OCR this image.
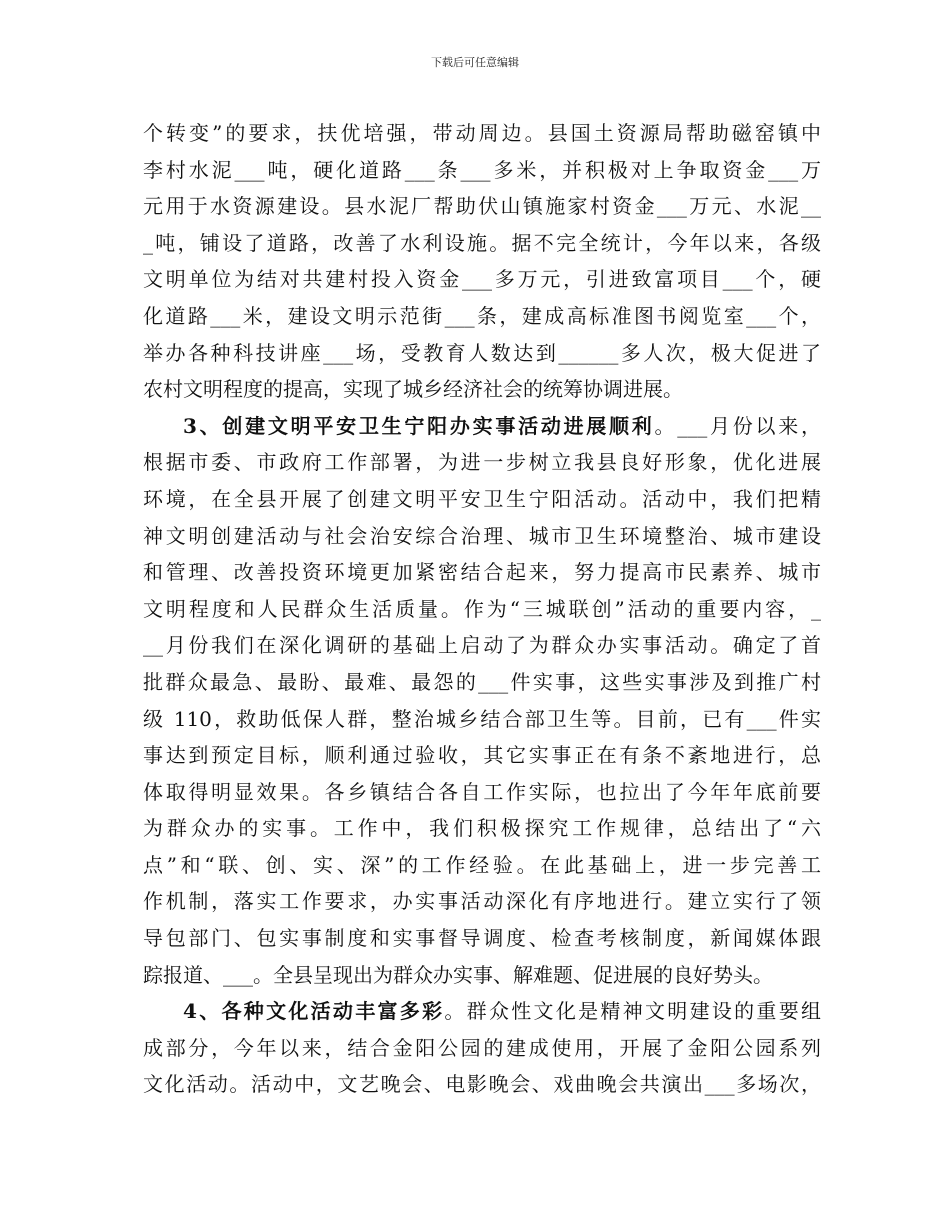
下载后可任意编辑
个转变”的要求，扶优培强，带动周边。县国土资源局帮助磁窑镇中
李村水泥___吨，硬化道路___条___多米，并积极对上争取资金___万
元用于水资源建设。县水泥厂帮助伏山镇施家村资金___万元、水泥__
_吨，铺设了道路，改善了水利设施。据不完全统计，今年以来，各级
文明单位为结对共建村投入资金___多万元，引进致富项目___个，硬
化道路___米，建设文明示范街___条，建成高标准图书阅览室___个，
举办各种科技讲座___场，受教育人数达到______多人次，极大促进了
农村文明程度的提高，实现了城乡经济社会的统筹协调进展。
3、创建文明平安卫生宁阳办实事活动进展顺利。___月份以来，
根据市委、市政府工作部署，为进一步树立我县良好形象，优化进展
环境，在全县开展了创建文明平安卫生宁阳活动。活动中，我们把精
神文明创建活动与社会治安综合治理、城市卫生环境整治、城市建设
和管理、改善投资环境更加紧密结合起来，努力提高市民素养、城市
文明程度和人民群众生活质量。作为“三城联创”活动的重要内容，_
__月份我们在深化调研的基础上启动了为群众办实事活动。确定了首
批群众最急、最盼、最难、最怨的___件实事，这些实事涉及到推广村
级 110，救助低保人群，整治城乡结合部卫生等。目前，已有___件实
事达到预定目标，顺利通过验收，其它实事正在有条不紊地进行，总
体取得明显效果。各乡镇结合各自工作实际，也拉出了今年年底前要
为群众办的实事。工作中，我们积极探究工作规律，总结出了“六
点”和“联、创、实、深”的工作经验。在此基础上，进一步完善工
作机制，落实工作要求，办实事活动深化有序地进行。建立实行了领
导包部门、包实事制度和实事督导调度、检查考核制度，新闻媒体跟
踪报道、___。全县呈现出为群众办实事、解难题、促进展的良好势头。
4、各种文化活动丰富多彩。群众性文化是精神文明建设的重要组
成部分，今年以来，结合金阳公园的建成使用，开展了金阳公园系列
文化活动。活动中，文艺晚会、电影晚会、戏曲晚会共演出___多场次，
